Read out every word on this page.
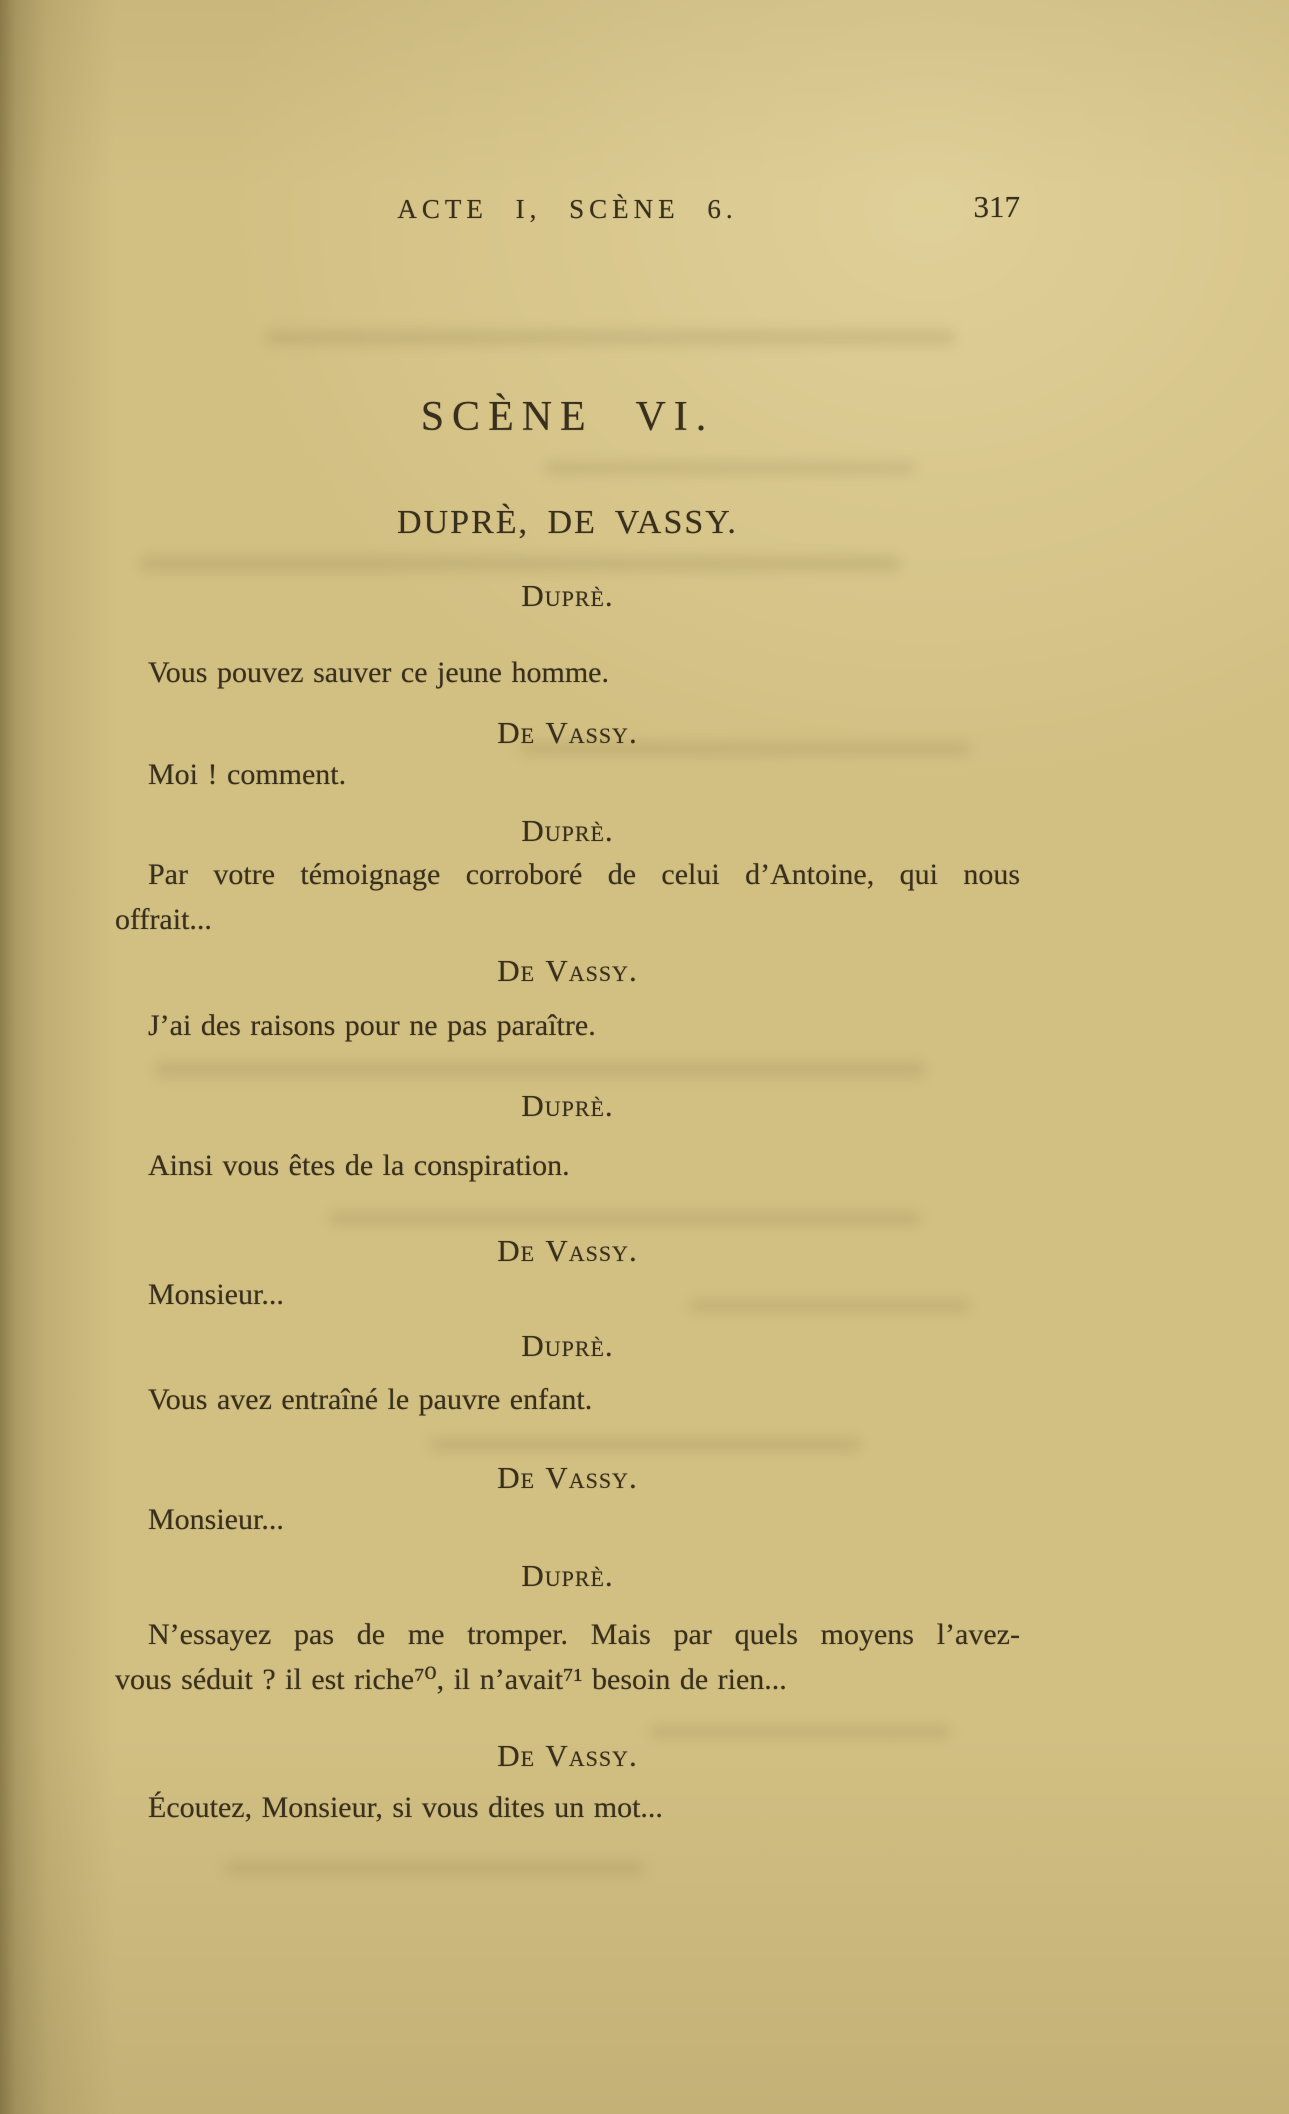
ACTE I, SCÈNE 6.	317
SCÈNE VI.
DUPRÈ, DE VASSY.
Duprè.
Vous pouvez sauver ce jeune homme.
De Vassy.
Moi ! comment.
Duprè.
Par votre témoignage corroboré de celui d’Antoine, qui nous
offrait...
De Vassy.
J’ai des raisons pour ne pas paraître.
Duprè.
Ainsi vous êtes de la conspiration.
De Vassy.
Monsieur...
Duprè.
Vous avez entraîné le pauvre enfant.
De Vassy.
Monsieur...
Duprè.
N’essayez pas de me tromper. Mais par quels moyens l’avez-
vous séduit ? il est riche⁷⁰, il n’avait⁷¹ besoin de rien...
De Vassy.
Écoutez, Monsieur, si vous dites un mot...
